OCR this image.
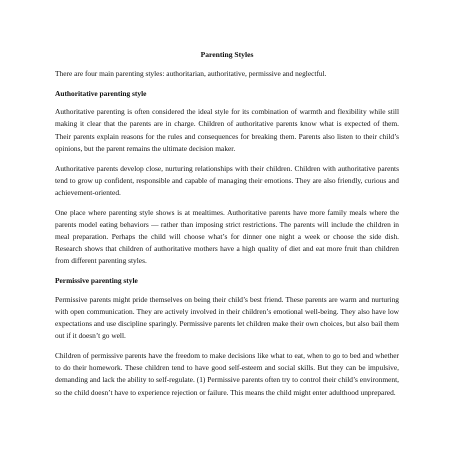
Parenting Styles

There are four main parenting styles: authoritarian, authoritative, permissive and neglectful.

Authoritative parenting style

Authoritative parenting is often considered the ideal style for its combination of warmth and flexibility while still making it clear that the parents are in charge. Children of authoritative parents know what is expected of them. Their parents explain reasons for the rules and consequences for breaking them. Parents also listen to their child’s opinions, but the parent remains the ultimate decision maker.

Authoritative parents develop close, nurturing relationships with their children. Children with authoritative parents tend to grow up confident, responsible and capable of managing their emotions. They are also friendly, curious and achievement-oriented.

One place where parenting style shows is at mealtimes. Authoritative parents have more family meals where the parents model eating behaviors — rather than imposing strict restrictions. The parents will include the children in meal preparation. Perhaps the child will choose what’s for dinner one night a week or choose the side dish. Research shows that children of authoritative mothers have a high quality of diet and eat more fruit than children from different parenting styles.

Permissive parenting style

Permissive parents might pride themselves on being their child’s best friend. These parents are warm and nurturing with open communication. They are actively involved in their children’s emotional well-being. They also have low expectations and use discipline sparingly. Permissive parents let children make their own choices, but also bail them out if it doesn’t go well.

Children of permissive parents have the freedom to make decisions like what to eat, when to go to bed and whether to do their homework. These children tend to have good self-esteem and social skills. But they can be impulsive, demanding and lack the ability to self-regulate. (1) Permissive parents often try to control their child’s environment, so the child doesn’t have to experience rejection or failure. This means the child might enter adulthood unprepared.
